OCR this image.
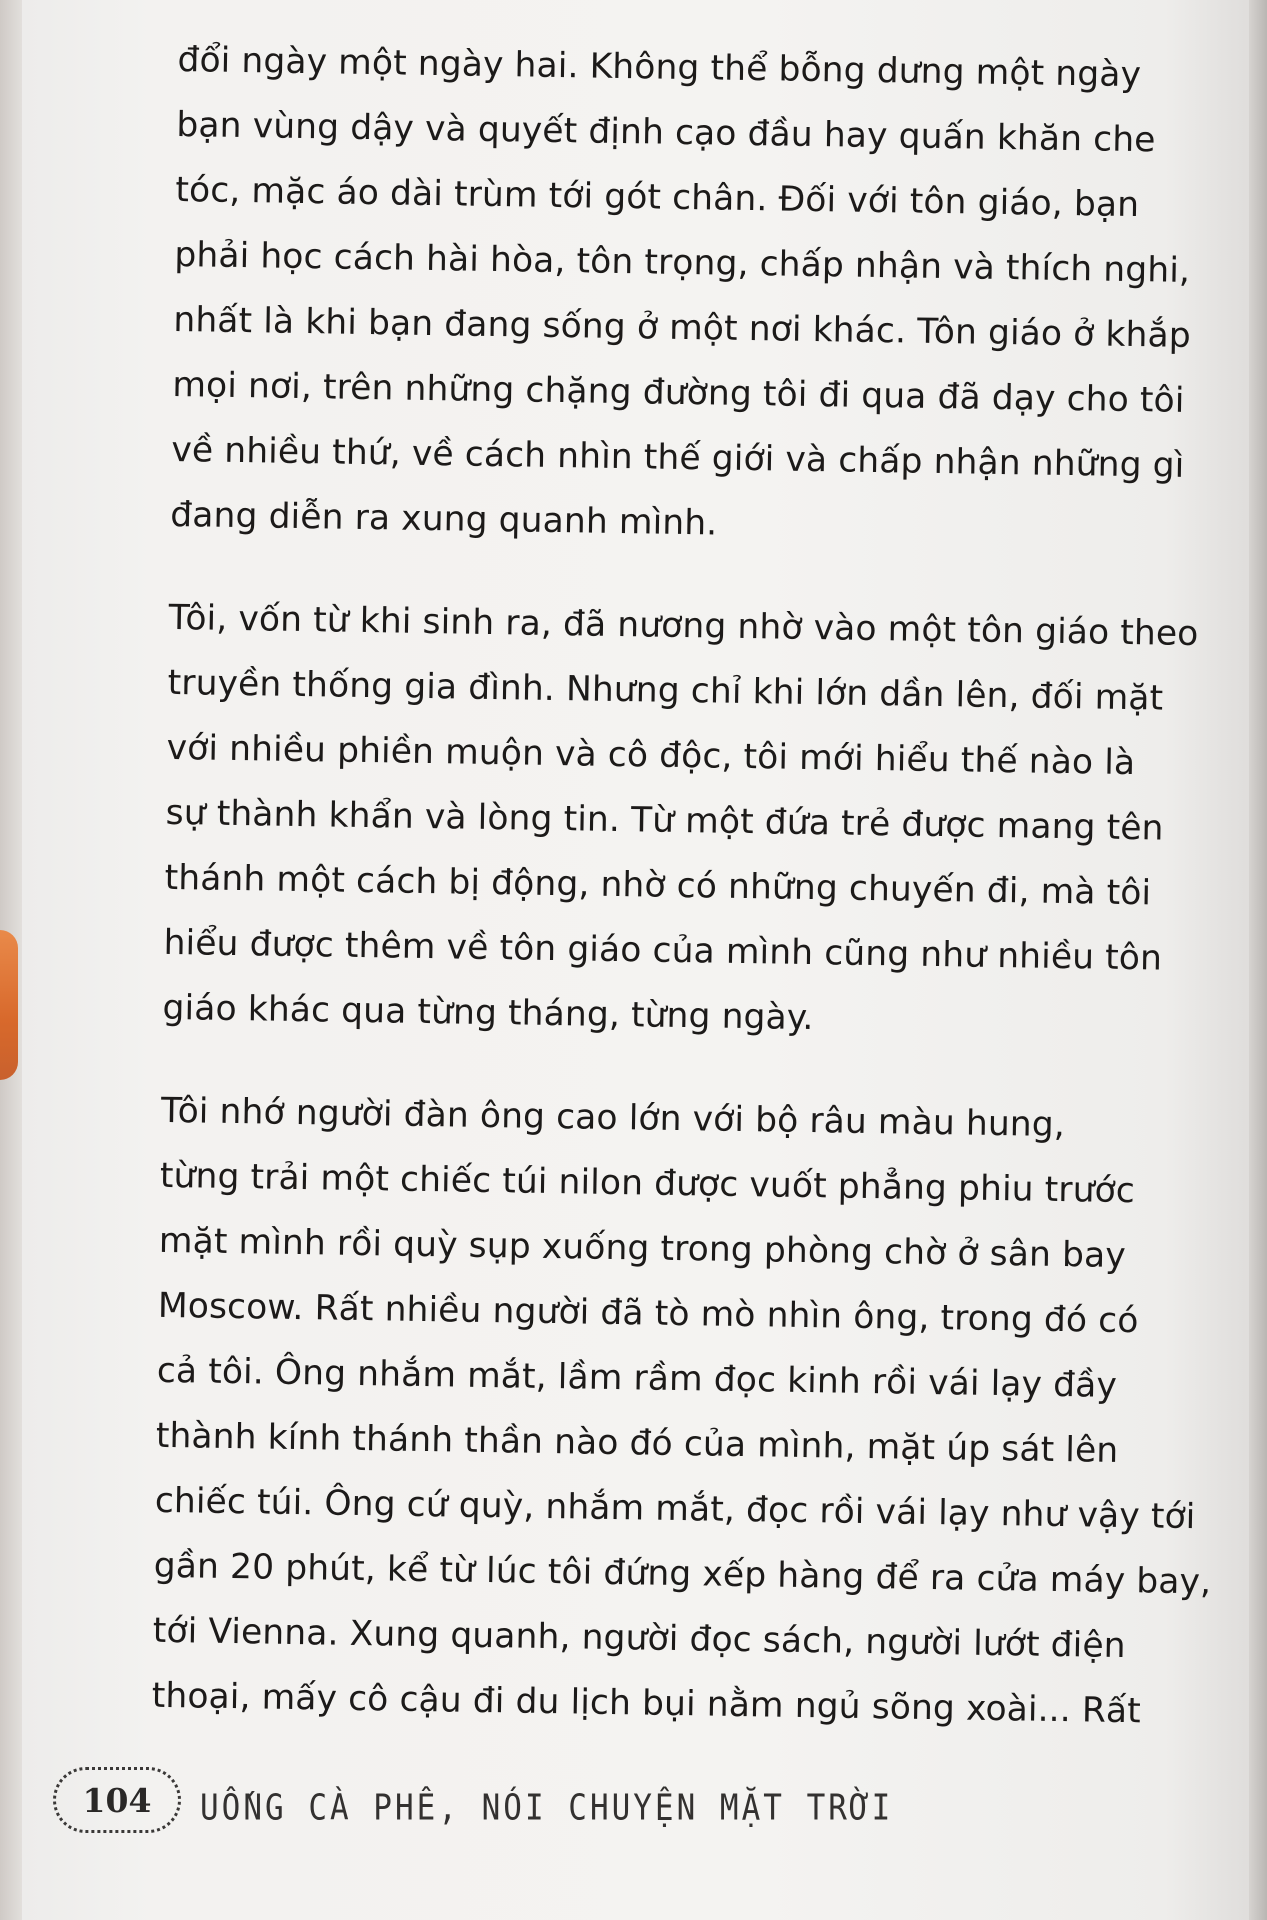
đổi ngày một ngày hai. Không thể bỗng dưng một ngày
bạn vùng dậy và quyết định cạo đầu hay quấn khăn che
tóc, mặc áo dài trùm tới gót chân. Đối với tôn giáo, bạn
phải học cách hài hòa, tôn trọng, chấp nhận và thích nghi,
nhất là khi bạn đang sống ở một nơi khác. Tôn giáo ở khắp
mọi nơi, trên những chặng đường tôi đi qua đã dạy cho tôi
về nhiều thứ, về cách nhìn thế giới và chấp nhận những gì
đang diễn ra xung quanh mình.

Tôi, vốn từ khi sinh ra, đã nương nhờ vào một tôn giáo theo
truyền thống gia đình. Nhưng chỉ khi lớn dần lên, đối mặt
với nhiều phiền muộn và cô độc, tôi mới hiểu thế nào là
sự thành khẩn và lòng tin. Từ một đứa trẻ được mang tên
thánh một cách bị động, nhờ có những chuyến đi, mà tôi
hiểu được thêm về tôn giáo của mình cũng như nhiều tôn
giáo khác qua từng tháng, từng ngày.

Tôi nhớ người đàn ông cao lớn với bộ râu màu hung,
từng trải một chiếc túi nilon được vuốt phẳng phiu trước
mặt mình rồi quỳ sụp xuống trong phòng chờ ở sân bay
Moscow. Rất nhiều người đã tò mò nhìn ông, trong đó có
cả tôi. Ông nhắm mắt, lầm rầm đọc kinh rồi vái lạy đầy
thành kính thánh thần nào đó của mình, mặt úp sát lên
chiếc túi. Ông cứ quỳ, nhắm mắt, đọc rồi vái lạy như vậy tới
gần 20 phút, kể từ lúc tôi đứng xếp hàng để ra cửa máy bay,
tới Vienna. Xung quanh, người đọc sách, người lướt điện
thoại, mấy cô cậu đi du lịch bụi nằm ngủ sõng xoài... Rất

104	UỐNG CÀ PHÊ, NÓI CHUYỆN MẶT TRỜI
